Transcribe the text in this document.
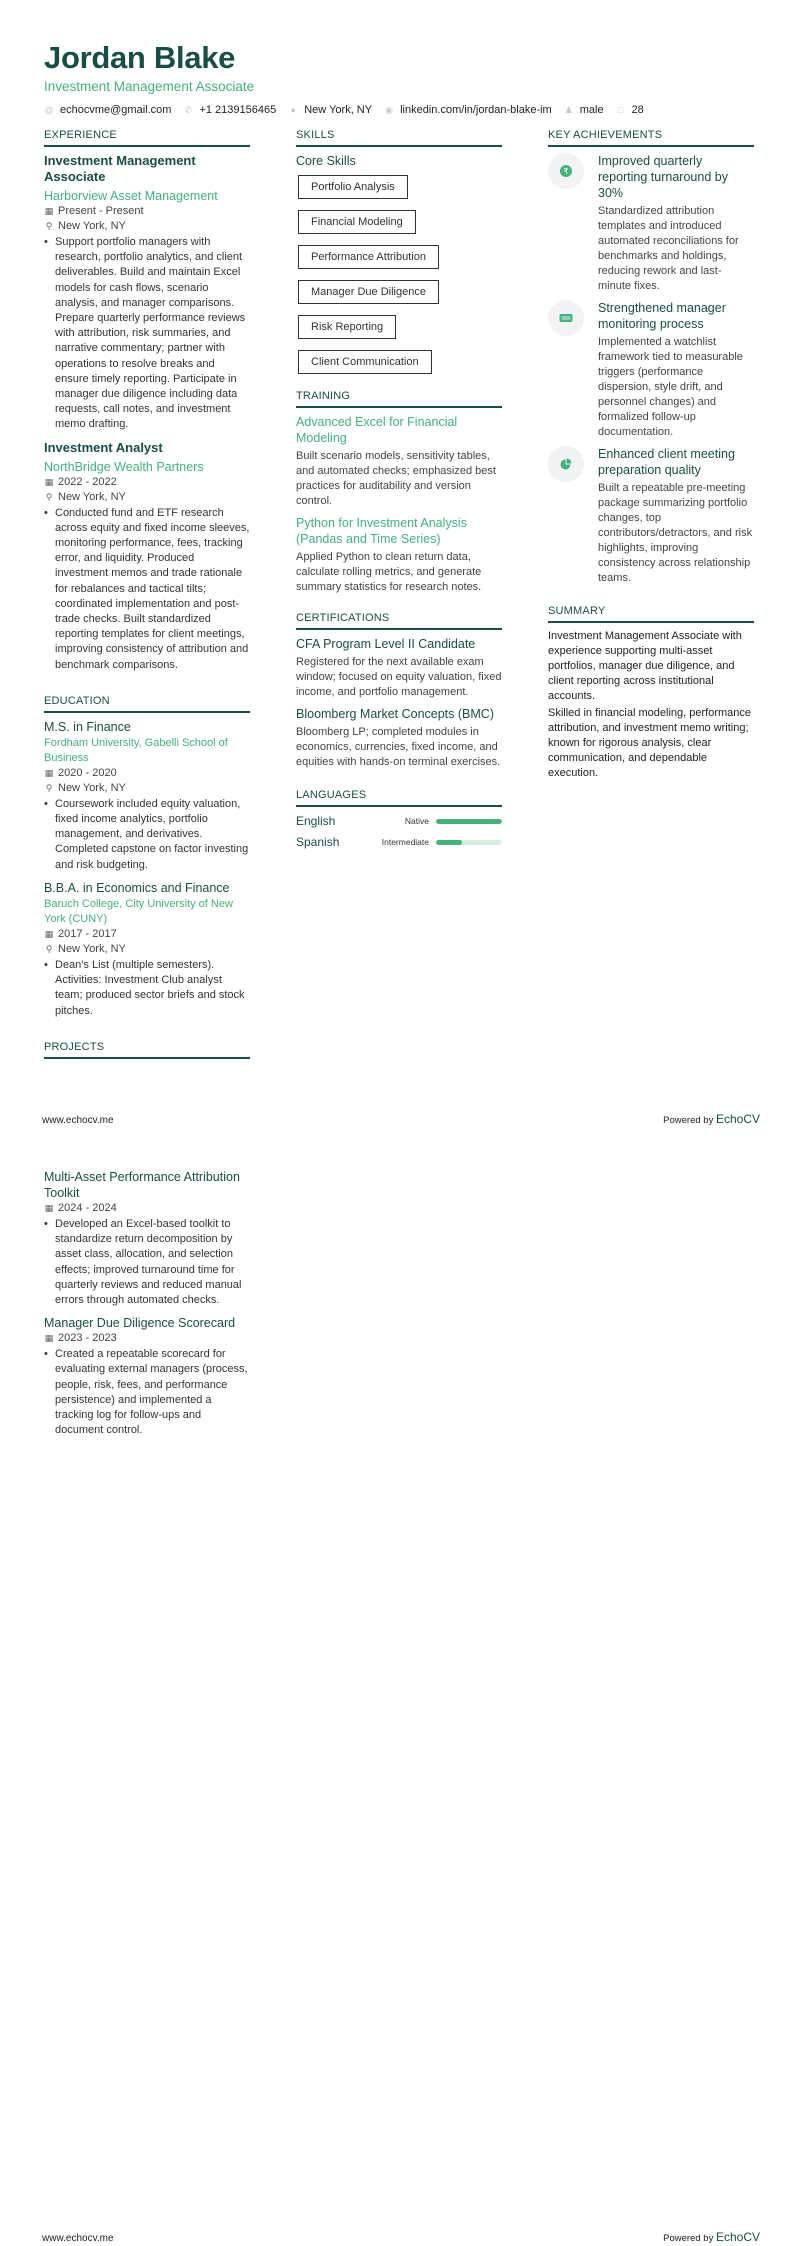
Jordan Blake
Investment Management Associate
@ echocvme@gmail.com ✆ +1 2139156465 ● New York, NY ◉ linkedin.com/in/jordan-blake-im ♟ male □ 28
EXPERIENCE
Investment Management Associate
Harborview Asset Management
▦ Present - Present
⚲ New York, NY
• Support portfolio managers with research, portfolio analytics, and client deliverables. Build and maintain Excel models for cash flows, scenario analysis, and manager comparisons. Prepare quarterly performance reviews with attribution, risk summaries, and narrative commentary; partner with operations to resolve breaks and ensure timely reporting. Participate in manager due diligence including data requests, call notes, and investment memo drafting.
Investment Analyst
NorthBridge Wealth Partners
▦ 2022 - 2022
⚲ New York, NY
• Conducted fund and ETF research across equity and fixed income sleeves, monitoring performance, fees, tracking error, and liquidity. Produced investment memos and trade rationale for rebalances and tactical tilts; coordinated implementation and post-trade checks. Built standardized reporting templates for client meetings, improving consistency of attribution and benchmark comparisons.
EDUCATION
M.S. in Finance
Fordham University, Gabelli School of Business
▦ 2020 - 2020
⚲ New York, NY
• Coursework included equity valuation, fixed income analytics, portfolio management, and derivatives. Completed capstone on factor investing and risk budgeting.
B.B.A. in Economics and Finance
Baruch College, City University of New York (CUNY)
▦ 2017 - 2017
⚲ New York, NY
• Dean's List (multiple semesters). Activities: Investment Club analyst team; produced sector briefs and stock pitches.
PROJECTS
SKILLS
Core Skills
Portfolio Analysis
Financial Modeling
Performance Attribution
Manager Due Diligence
Risk Reporting
Client Communication
TRAINING
Advanced Excel for Financial Modeling
Built scenario models, sensitivity tables, and automated checks; emphasized best practices for auditability and version control.
Python for Investment Analysis (Pandas and Time Series)
Applied Python to clean return data, calculate rolling metrics, and generate summary statistics for research notes.
CERTIFICATIONS
CFA Program Level II Candidate
Registered for the next available exam window; focused on equity valuation, fixed income, and portfolio management.
Bloomberg Market Concepts (BMC)
Bloomberg LP; completed modules in economics, currencies, fixed income, and equities with hands-on terminal exercises.
LANGUAGES
English	Native
Spanish	Intermediate
KEY ACHIEVEMENTS
₹
Improved quarterly reporting turnaround by 30%
Standardized attribution templates and introduced automated reconciliations for benchmarks and holdings, reducing rework and last-minute fixes.
Strengthened manager monitoring process
Implemented a watchlist framework tied to measurable triggers (performance dispersion, style drift, and personnel changes) and formalized follow-up documentation.
Enhanced client meeting preparation quality
Built a repeatable pre-meeting package summarizing portfolio changes, top contributors/detractors, and risk highlights, improving consistency across relationship teams.
SUMMARY

Investment Management Associate with experience supporting multi-asset portfolios, manager due diligence, and client reporting across institutional accounts.

Skilled in financial modeling, performance attribution, and investment memo writing; known for rigorous analysis, clear communication, and dependable execution.

www.echocv.me	Powered by EchoCV
Multi-Asset Performance Attribution Toolkit
▦ 2024 - 2024
• Developed an Excel-based toolkit to standardize return decomposition by asset class, allocation, and selection effects; improved turnaround time for quarterly reviews and reduced manual errors through automated checks.
Manager Due Diligence Scorecard
▦ 2023 - 2023
• Created a repeatable scorecard for evaluating external managers (process, people, risk, fees, and performance persistence) and implemented a tracking log for follow-ups and document control.
www.echocv.me	Powered by EchoCV
